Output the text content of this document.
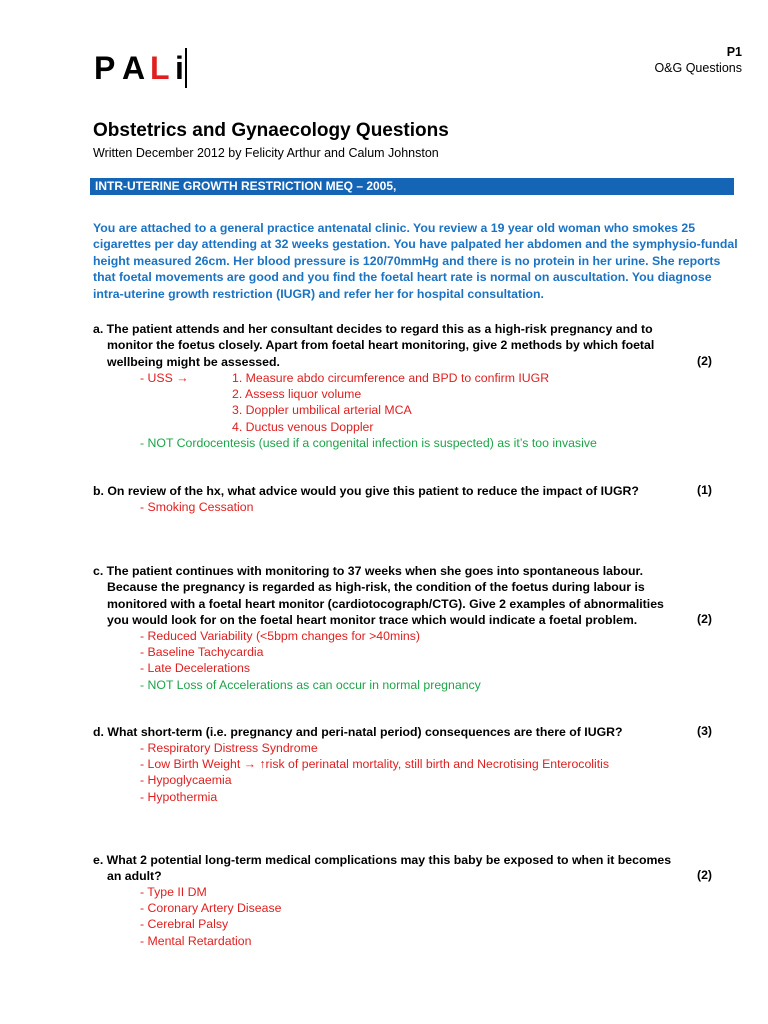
P A L i	P1
O&G Questions
Obstetrics and Gynaecology Questions
Written December 2012 by Felicity Arthur and Calum Johnston
INTR-UTERINE GROWTH RESTRICTION MEQ – 2005,
You are attached to a general practice antenatal clinic. You review a 19 year old woman who smokes 25 cigarettes per day attending at 32 weeks gestation. You have palpated her abdomen and the symphysio-fundal height measured 26cm. Her blood pressure is 120/70mmHg and there is no protein in her urine. She reports that foetal movements are good and you find the foetal heart rate is normal on auscultation. You diagnose intra-uterine growth restriction (IUGR) and refer her for hospital consultation.
a. The patient attends and her consultant decides to regard this as a high-risk pregnancy and to
monitor the foetus closely. Apart from foetal heart monitoring, give 2 methods by which foetal
wellbeing might be assessed.	(2)
- USS →	1. Measure abdo circumference and BPD to confirm IUGR
2. Assess liquor volume
3. Doppler umbilical arterial MCA
4. Ductus venous Doppler
- NOT Cordocentesis (used if a congenital infection is suspected) as it’s too invasive
b. On review of the hx, what advice would you give this patient to reduce the impact of IUGR?	(1)
- Smoking Cessation
c. The patient continues with monitoring to 37 weeks when she goes into spontaneous labour.
Because the pregnancy is regarded as high-risk, the condition of the foetus during labour is
monitored with a foetal heart monitor (cardiotocograph/CTG). Give 2 examples of abnormalities
you would look for on the foetal heart monitor trace which would indicate a foetal problem.	(2)
- Reduced Variability (<5bpm changes for >40mins)
- Baseline Tachycardia
- Late Decelerations
- NOT Loss of Accelerations as can occur in normal pregnancy
d. What short-term (i.e. pregnancy and peri-natal period) consequences are there of IUGR?	(3)
- Respiratory Distress Syndrome
- Low Birth Weight → ↑risk of perinatal mortality, still birth and Necrotising Enterocolitis
- Hypoglycaemia
- Hypothermia
e. What 2 potential long-term medical complications may this baby be exposed to when it becomes
an adult?	(2)
- Type II DM
- Coronary Artery Disease
- Cerebral Palsy
- Mental Retardation
